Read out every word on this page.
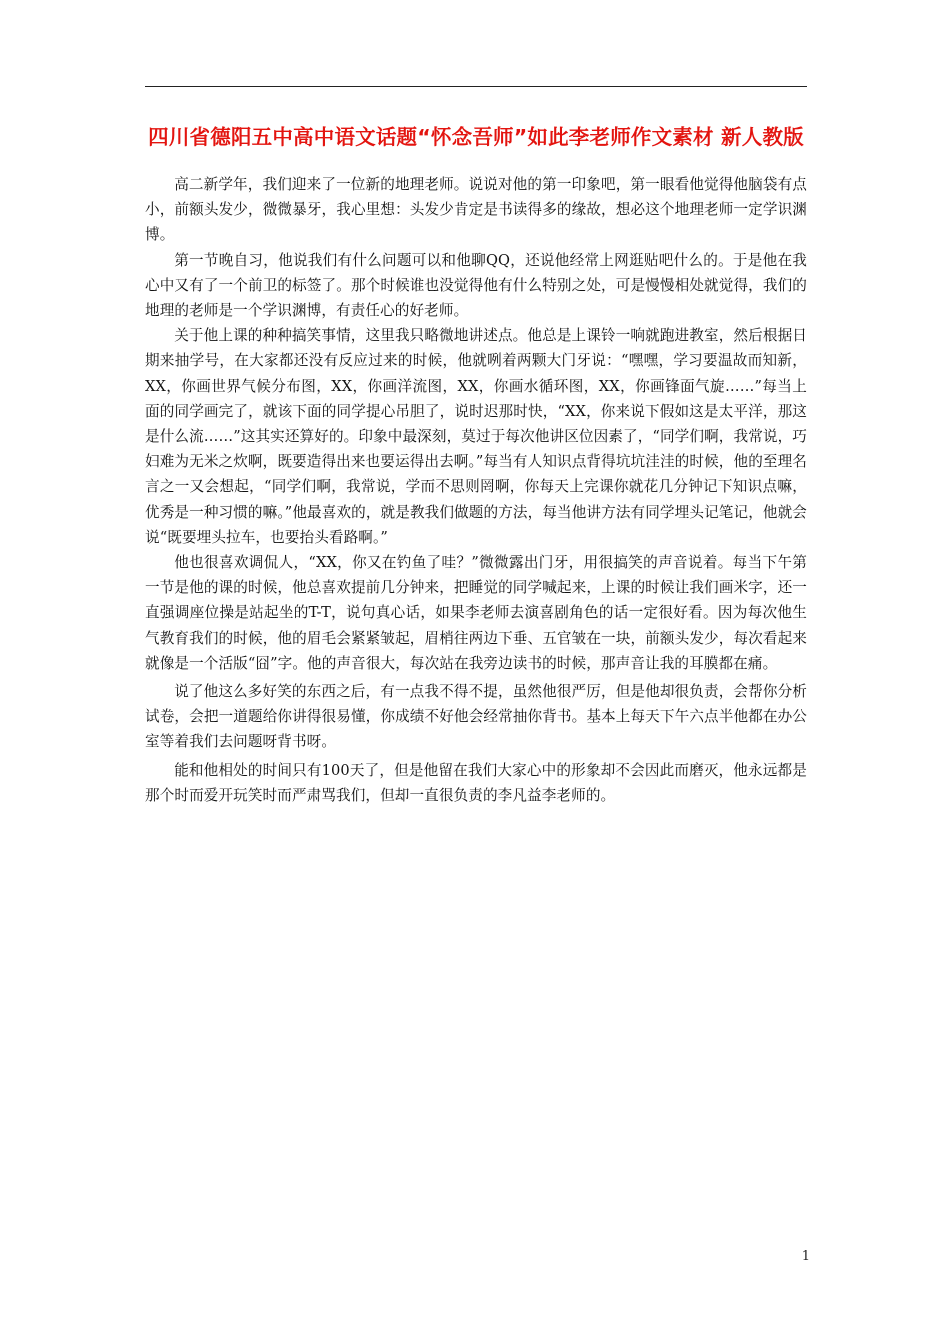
四川省德阳五中高中语文话题“怀念吾师”如此李老师作文素材 新人教版

高二新学年，我们迎来了一位新的地理老师。说说对他的第一印象吧，第一眼看他觉得他脑袋有点小，前额头发少，微微暴牙，我心里想：头发少肯定是书读得多的缘故，想必这个地理老师一定学识渊博。

第一节晚自习，他说我们有什么问题可以和他聊QQ，还说他经常上网逛贴吧什么的。于是他在我心中又有了一个前卫的标签了。那个时候谁也没觉得他有什么特别之处，可是慢慢相处就觉得，我们的地理的老师是一个学识渊博，有责任心的好老师。

关于他上课的种种搞笑事情，这里我只略微地讲述点。他总是上课铃一响就跑进教室，然后根据日期来抽学号，在大家都还没有反应过来的时候，他就咧着两颗大门牙说：“嘿嘿，学习要温故而知新，XX，你画世界气候分布图，XX，你画洋流图，XX，你画水循环图，XX，你画锋面气旋……”每当上面的同学画完了，就该下面的同学提心吊胆了，说时迟那时快，“XX，你来说下假如这是太平洋，那这是什么流……”这其实还算好的。印象中最深刻，莫过于每次他讲区位因素了，“同学们啊，我常说，巧妇难为无米之炊啊，既要造得出来也要运得出去啊。”每当有人知识点背得坑坑洼洼的时候，他的至理名言之一又会想起，“同学们啊，我常说，学而不思则罔啊，你每天上完课你就花几分钟记下知识点嘛，优秀是一种习惯的嘛。”他最喜欢的，就是教我们做题的方法，每当他讲方法有同学埋头记笔记，他就会说“既要埋头拉车，也要抬头看路啊。”

他也很喜欢调侃人，“XX，你又在钓鱼了哇？”微微露出门牙，用很搞笑的声音说着。每当下午第一节是他的课的时候，他总喜欢提前几分钟来，把睡觉的同学喊起来，上课的时候让我们画米字，还一直强调座位操是站起坐的T-T，说句真心话，如果李老师去演喜剧角色的话一定很好看。因为每次他生气教育我们的时候，他的眉毛会紧紧皱起，眉梢往两边下垂、五官皱在一块，前额头发少，每次看起来就像是一个活版“囧”字。他的声音很大，每次站在我旁边读书的时候，那声音让我的耳膜都在痛。

说了他这么多好笑的东西之后，有一点我不得不提，虽然他很严厉，但是他却很负责，会帮你分析试卷，会把一道题给你讲得很易懂，你成绩不好他会经常抽你背书。基本上每天下午六点半他都在办公室等着我们去问题呀背书呀。

能和他相处的时间只有100天了，但是他留在我们大家心中的形象却不会因此而磨灭，他永远都是那个时而爱开玩笑时而严肃骂我们，但却一直很负责的李凡益李老师的。

1
